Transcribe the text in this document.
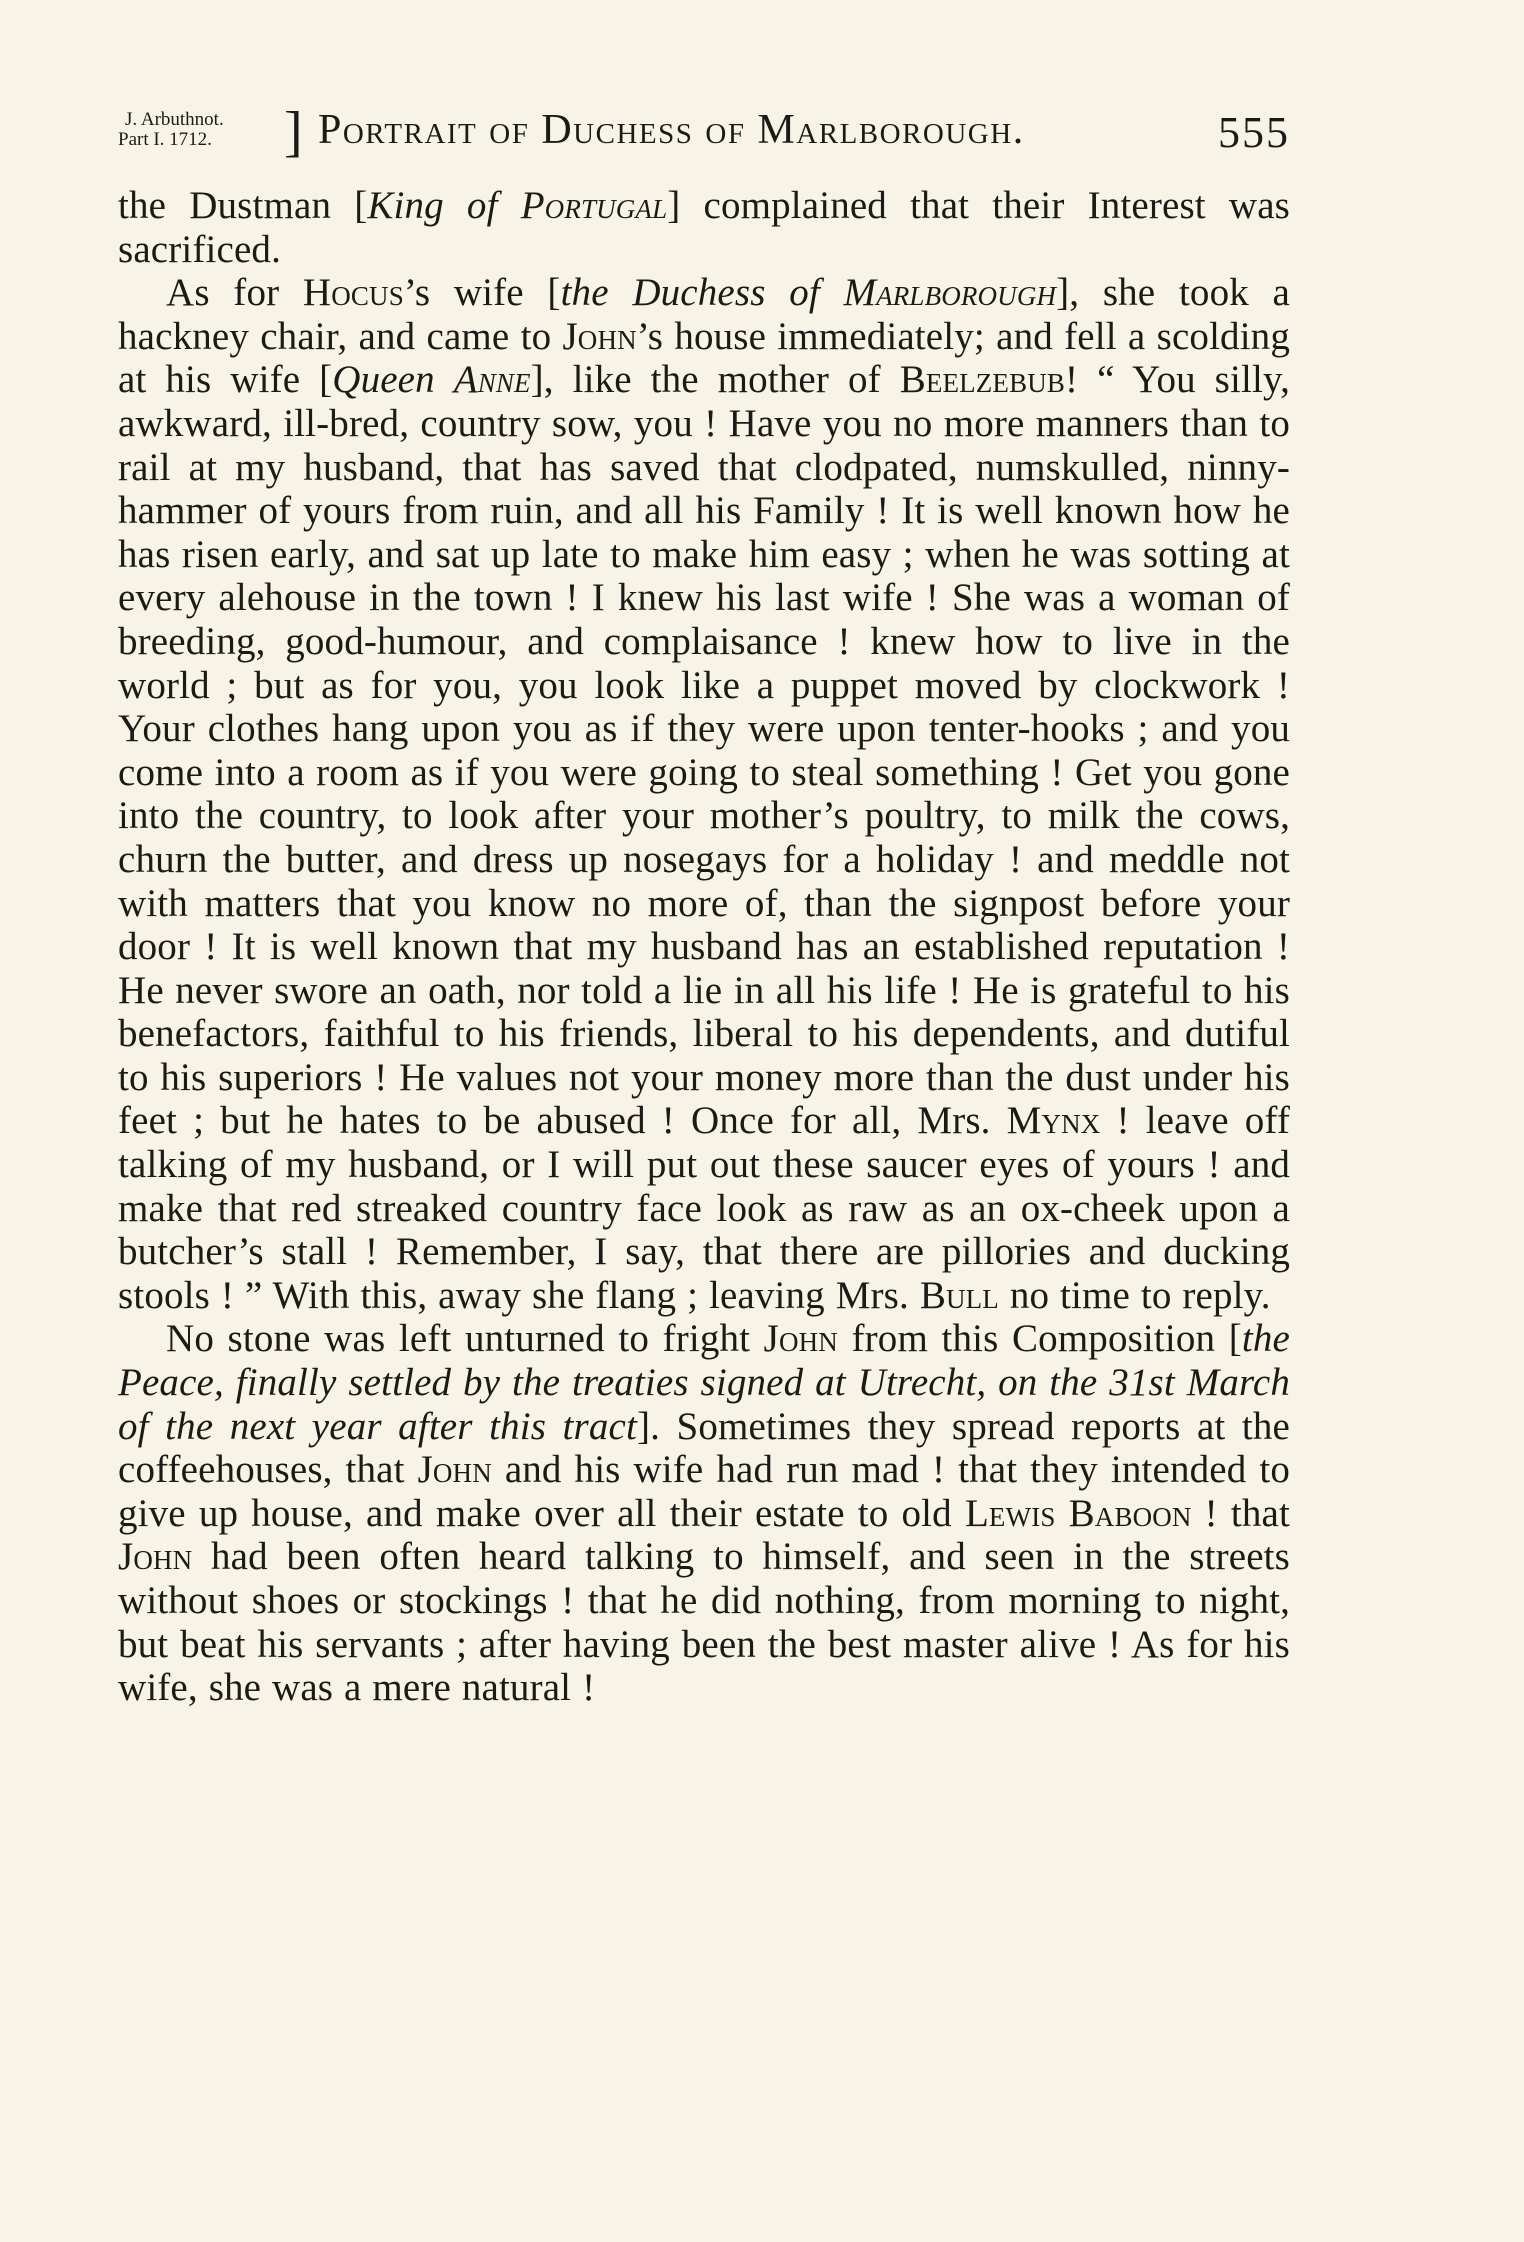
J. Arbuthnot.
Part I. 1712. ] Portrait of Duchess of Marlborough.	555

the Dustman [King of Portugal] complained that their Interest was sacrificed.

As for Hocus’s wife [the Duchess of Marlborough], she took a hackney chair, and came to John’s house immediately; and fell a scolding at his wife [Queen Anne], like the mother of Beelzebub! “ You silly, awkward, ill-bred, country sow, you ! Have you no more manners than to rail at my husband, that has saved that clodpated, numskulled, ninny-hammer of yours from ruin, and all his Family ! It is well known how he has risen early, and sat up late to make him easy ; when he was sotting at every alehouse in the town ! I knew his last wife ! She was a woman of breeding, good-humour, and complaisance ! knew how to live in the world ; but as for you, you look like a puppet moved by clockwork ! Your clothes hang upon you as if they were upon tenter-hooks ; and you come into a room as if you were going to steal something ! Get you gone into the country, to look after your mother’s poultry, to milk the cows, churn the butter, and dress up nosegays for a holiday ! and meddle not with matters that you know no more of, than the signpost before your door ! It is well known that my husband has an established reputation ! He never swore an oath, nor told a lie in all his life ! He is grateful to his benefactors, faithful to his friends, liberal to his dependents, and dutiful to his superiors ! He values not your money more than the dust under his feet ; but he hates to be abused ! Once for all, Mrs. Mynx ! leave off talking of my husband, or I will put out these saucer eyes of yours ! and make that red streaked country face look as raw as an ox-cheek upon a butcher’s stall ! Remember, I say, that there are pillories and ducking stools ! ” With this, away she flang ; leaving Mrs. Bull no time to reply.

No stone was left unturned to fright John from this Composition [the Peace, finally settled by the treaties signed at Utrecht, on the 31st March of the next year after this tract]. Sometimes they spread reports at the coffeehouses, that John and his wife had run mad ! that they intended to give up house, and make over all their estate to old Lewis Baboon ! that John had been often heard talking to himself, and seen in the streets without shoes or stockings ! that he did nothing, from morning to night, but beat his servants ; after having been the best master alive ! As for his wife, she was a mere natural !
